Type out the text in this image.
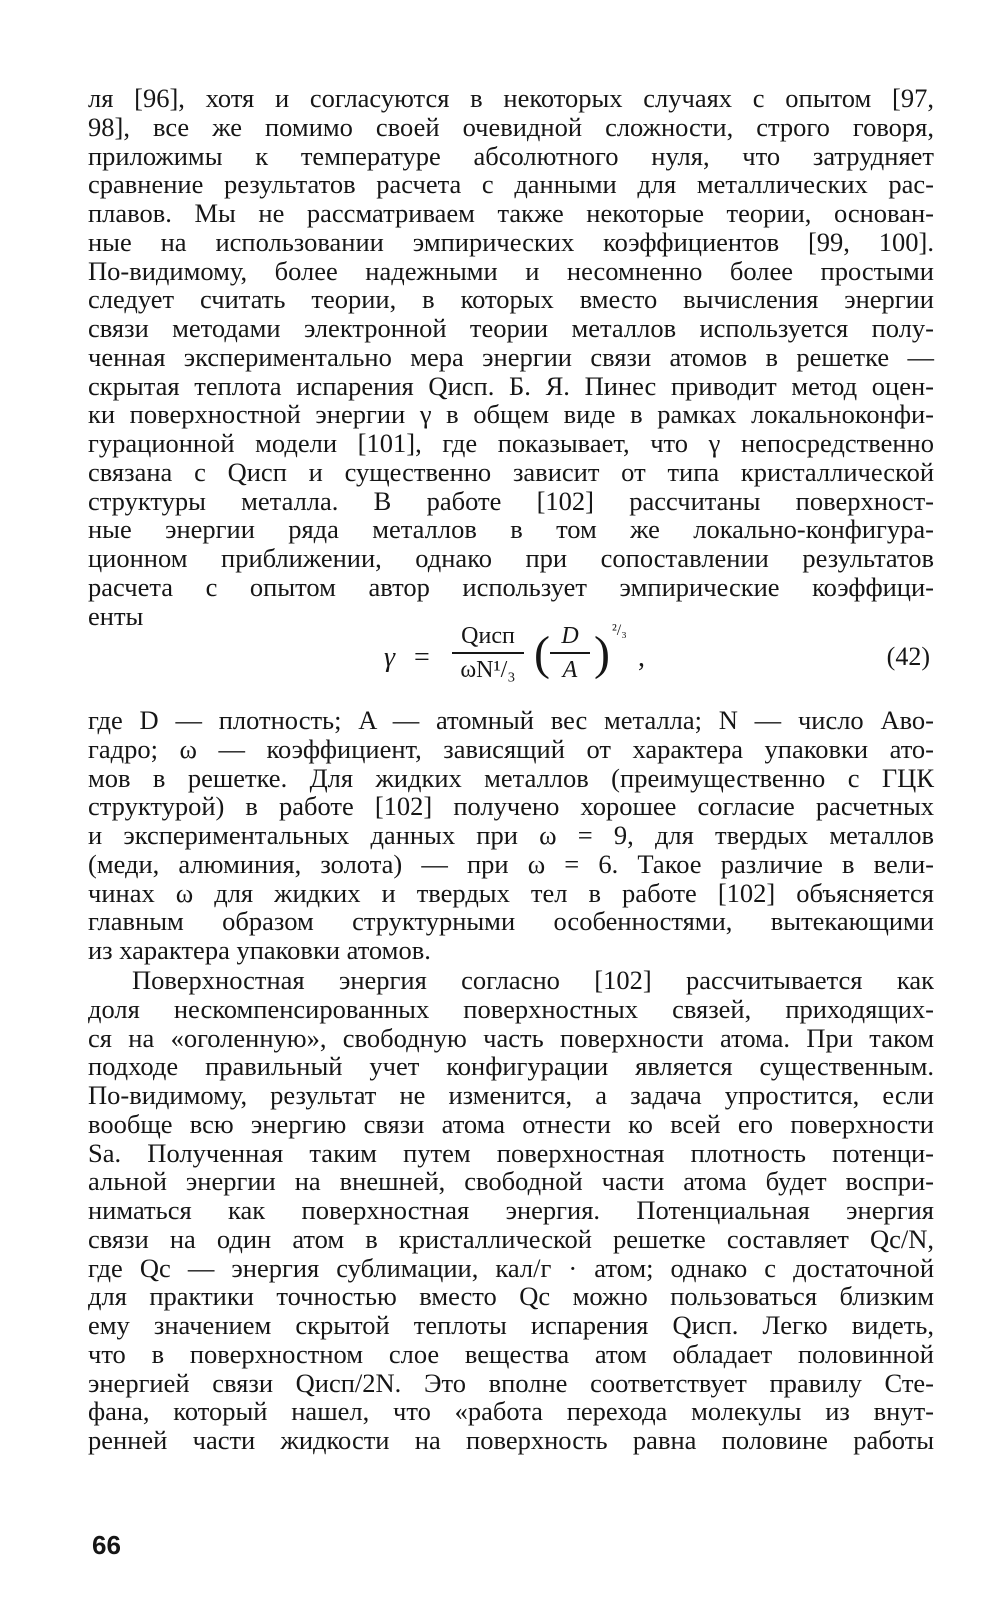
ля [96], хотя и согласуются в некоторых случаях с опытом [97,
98], все же помимо своей очевидной сложности, строго говоря,
приложимы к температуре абсолютного нуля, что затрудняет
сравнение результатов расчета с данными для металлических рас-
плавов. Мы не рассматриваем также некоторые теории, основан-
ные на использовании эмпирических коэффициентов [99, 100].
По-видимому, более надежными и несомненно более простыми
следует считать теории, в которых вместо вычисления энергии
связи методами электронной теории металлов используется полу-
ченная экспериментально мера энергии связи атомов в решетке —
скрытая теплота испарения Qисп. Б. Я. Пинес приводит метод оцен-
ки поверхностной энергии γ в общем виде в рамках локальноконфи-
гурационной модели [101], где показывает, что γ непосредственно
связана с Qисп и существенно зависит от типа кристаллической
структуры металла. В работе [102] рассчитаны поверхност-
ные энергии ряда металлов в том же локально-конфигура-
ционном приближении, однако при сопоставлении результатов
расчета с опытом автор использует эмпирические коэффици-
енты
γ =
Qисп
ωN¹/₃ ( D
A ) ²/₃
,	(42)
где D — плотность; A — атомный вес металла; N — число Аво-
гадро; ω — коэффициент, зависящий от характера упаковки ато-
мов в решетке. Для жидких металлов (преимущественно с ГЦК
структурой) в работе [102] получено хорошее согласие расчетных
и экспериментальных данных при ω = 9, для твердых металлов
(меди, алюминия, золота) — при ω = 6. Такое различие в вели-
чинах ω для жидких и твердых тел в работе [102] объясняется
главным образом структурными особенностями, вытекающими
из характера упаковки атомов.
Поверхностная энергия согласно [102] рассчитывается как
доля нескомпенсированных поверхностных связей, приходящих-
ся на «оголенную», свободную часть поверхности атома. При таком
подходе правильный учет конфигурации является существенным.
По-видимому, результат не изменится, а задача упростится, если
вообще всю энергию связи атома отнести ко всей его поверхности
Sа. Полученная таким путем поверхностная плотность потенци-
альной энергии на внешней, свободной части атома будет воспри-
ниматься как поверхностная энергия. Потенциальная энергия
связи на один атом в кристаллической решетке составляет Qс/N,
где Qс — энергия сублимации, кал/г · атом; однако с достаточной
для практики точностью вместо Qс можно пользоваться близким
ему значением скрытой теплоты испарения Qисп. Легко видеть,
что в поверхностном слое вещества атом обладает половинной
энергией связи Qисп/2N. Это вполне соответствует правилу Сте-
фана, который нашел, что «работа перехода молекулы из внут-
ренней части жидкости на поверхность равна половине работы
66
